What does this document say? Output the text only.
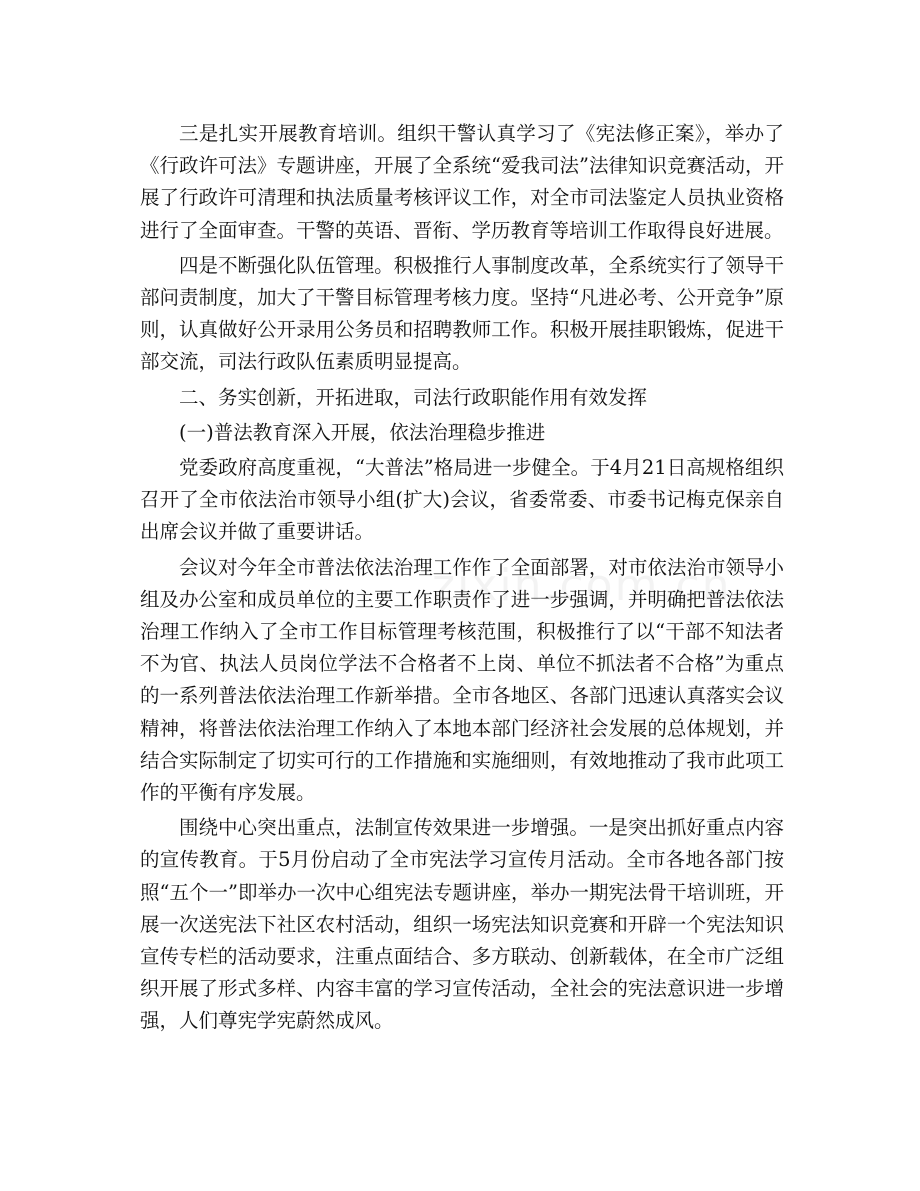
三是扎实开展教育培训。组织干警认真学习了《宪法修正案》，举办了《行政许可法》专题讲座，开展了全系统“爱我司法”法律知识竞赛活动，开展了行政许可清理和执法质量考核评议工作，对全市司法鉴定人员执业资格进行了全面审查。干警的英语、晋衔、学历教育等培训工作取得良好进展。

四是不断强化队伍管理。积极推行人事制度改革，全系统实行了领导干部问责制度，加大了干警目标管理考核力度。坚持“凡进必考、公开竞争”原则，认真做好公开录用公务员和招聘教师工作。积极开展挂职锻炼，促进干部交流，司法行政队伍素质明显提高。

二、务实创新，开拓进取，司法行政职能作用有效发挥

(一)普法教育深入开展，依法治理稳步推进

党委政府高度重视，“大普法”格局进一步健全。于4月21日高规格组织召开了全市依法治市领导小组(扩大)会议，省委常委、市委书记梅克保亲自出席会议并做了重要讲话。

会议对今年全市普法依法治理工作作了全面部署，对市依法治市领导小组及办公室和成员单位的主要工作职责作了进一步强调，并明确把普法依法治理工作纳入了全市工作目标管理考核范围，积极推行了以“干部不知法者不为官、执法人员岗位学法不合格者不上岗、单位不抓法者不合格”为重点的一系列普法依法治理工作新举措。全市各地区、各部门迅速认真落实会议精神，将普法依法治理工作纳入了本地本部门经济社会发展的总体规划，并结合实际制定了切实可行的工作措施和实施细则，有效地推动了我市此项工作的平衡有序发展。

围绕中心突出重点，法制宣传效果进一步增强。一是突出抓好重点内容的宣传教育。于5月份启动了全市宪法学习宣传月活动。全市各地各部门按照“五个一”即举办一次中心组宪法专题讲座，举办一期宪法骨干培训班，开展一次送宪法下社区农村活动，组织一场宪法知识竞赛和开辟一个宪法知识宣传专栏的活动要求，注重点面结合、多方联动、创新载体，在全市广泛组织开展了形式多样、内容丰富的学习宣传活动，全社会的宪法意识进一步增强，人们尊宪学宪蔚然成风。
